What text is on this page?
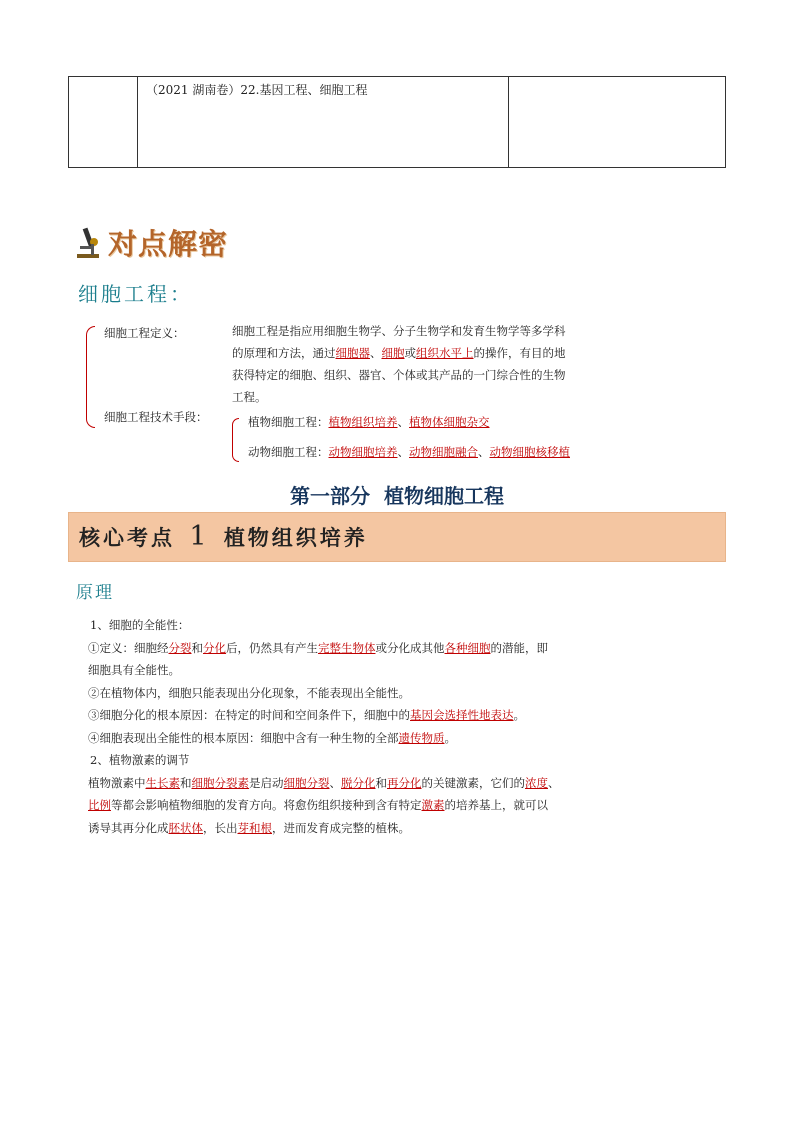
	（2021 湖南卷）22.基因工程、细胞工程	
对点解密
细胞工程：
细胞工程定义：
细胞工程技术手段：
细胞工程是指应用细胞生物学、分子生物学和发育生物学等多学科
的原理和方法，通过细胞器、细胞或组织水平上的操作，有目的地
获得特定的细胞、组织、器官、个体或其产品的一门综合性的生物
工程。
植物细胞工程：植物组织培养、植物体细胞杂交
动物细胞工程：动物细胞培养、动物细胞融合、动物细胞核移植
第一部分  植物细胞工程
核心考点 1 植物组织培养
原理
1、细胞的全能性：
①定义：细胞经分裂和分化后，仍然具有产生完整生物体或分化成其他各种细胞的潜能，即
细胞具有全能性。
②在植物体内，细胞只能表现出分化现象，不能表现出全能性。
③细胞分化的根本原因：在特定的时间和空间条件下，细胞中的基因会选择性地表达。
④细胞表现出全能性的根本原因：细胞中含有一种生物的全部遗传物质。
2、植物激素的调节
植物激素中生长素和细胞分裂素是启动细胞分裂、脱分化和再分化的关键激素，它们的浓度、
比例等都会影响植物细胞的发育方向。将愈伤组织接种到含有特定激素的培养基上，就可以
诱导其再分化成胚状体，长出芽和根，进而发育成完整的植株。
